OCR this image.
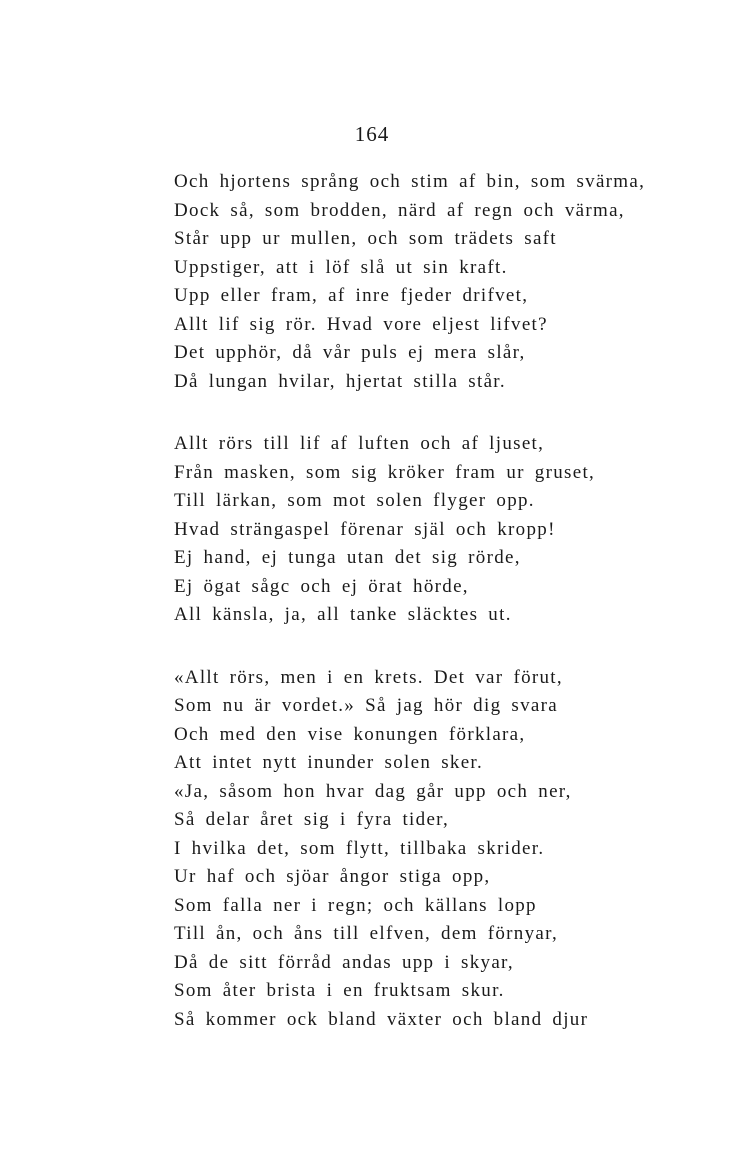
164
Och hjortens språng och stim af bin, som svärma,
Dock så, som brodden, närd af regn och värma,
Står upp ur mullen, och som trädets saft
Uppstiger, att i löf slå ut sin kraft.
Upp eller fram, af inre fjeder drifvet,
Allt lif sig rör. Hvad vore eljest lifvet?
Det upphör, då vår puls ej mera slår,
Då lungan hvilar, hjertat stilla står.
Allt rörs till lif af luften och af ljuset,
Från masken, som sig kröker fram ur gruset,
Till lärkan, som mot solen flyger opp.
Hvad strängaspel förenar själ och kropp!
Ej hand, ej tunga utan det sig rörde,
Ej ögat sågc och ej örat hörde,
All känsla, ja, all tanke släcktes ut.
«Allt rörs, men i en krets. Det var förut,
Som nu är vordet.» Så jag hör dig svara
Och med den vise konungen förklara,
Att intet nytt inunder solen sker.
«Ja, såsom hon hvar dag går upp och ner,
Så delar året sig i fyra tider,
I hvilka det, som flytt, tillbaka skrider.
Ur haf och sjöar ångor stiga opp,
Som falla ner i regn; och källans lopp
Till ån, och åns till elfven, dem förnyar,
Då de sitt förråd andas upp i skyar,
Som åter brista i en fruktsam skur.
Så kommer ock bland växter och bland djur
